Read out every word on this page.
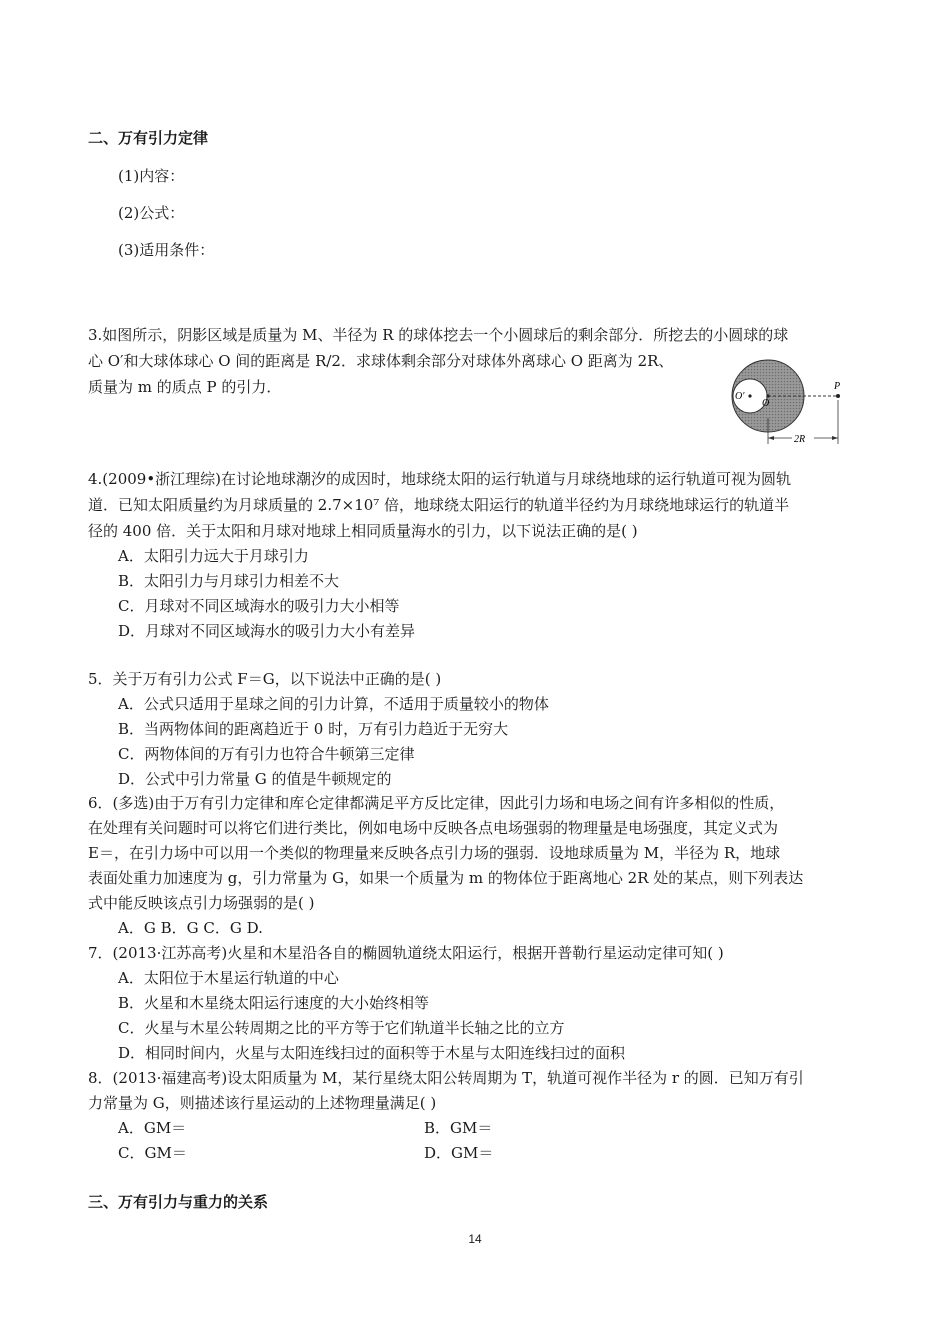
二、万有引力定律
(1)内容：
(2)公式：
(3)适用条件：
3.如图所示，阴影区域是质量为 M、半径为 R 的球体挖去一个小圆球后的剩余部分．所挖去的小圆球的球
心 O′和大球体球心 O 间的距离是 R/2．求球体剩余部分对球体外离球心 O 距离为 2R、
质量为 m 的质点 P 的引力．
O′
O
P
2R
4.(2009•浙江理综)在讨论地球潮汐的成因时，地球绕太阳的运行轨道与月球绕地球的运行轨道可视为圆轨
道．已知太阳质量约为月球质量的 2.7×10⁷ 倍，地球绕太阳运行的轨道半径约为月球绕地球运行的轨道半
径的 400 倍．关于太阳和月球对地球上相同质量海水的引力，以下说法正确的是( )
A．太阳引力远大于月球引力
B．太阳引力与月球引力相差不大
C．月球对不同区域海水的吸引力大小相等
D．月球对不同区域海水的吸引力大小有差异
5．关于万有引力公式 F＝G，以下说法中正确的是( )
A．公式只适用于星球之间的引力计算，不适用于质量较小的物体
B．当两物体间的距离趋近于 0 时，万有引力趋近于无穷大
C．两物体间的万有引力也符合牛顿第三定律
D．公式中引力常量 G 的值是牛顿规定的
6．(多选)由于万有引力定律和库仑定律都满足平方反比定律，因此引力场和电场之间有许多相似的性质，
在处理有关问题时可以将它们进行类比，例如电场中反映各点电场强弱的物理量是电场强度，其定义式为
E＝，在引力场中可以用一个类似的物理量来反映各点引力场的强弱．设地球质量为 M，半径为 R，地球
表面处重力加速度为 g，引力常量为 G，如果一个质量为 m 的物体位于距离地心 2R 处的某点，则下列表达
式中能反映该点引力场强弱的是( )
A．G B．G C．G D.
7．(2013·江苏高考)火星和木星沿各自的椭圆轨道绕太阳运行，根据开普勒行星运动定律可知( )
A．太阳位于木星运行轨道的中心
B．火星和木星绕太阳运行速度的大小始终相等
C．火星与木星公转周期之比的平方等于它们轨道半长轴之比的立方
D．相同时间内，火星与太阳连线扫过的面积等于木星与太阳连线扫过的面积
8．(2013·福建高考)设太阳质量为 M，某行星绕太阳公转周期为 T，轨道可视作半径为 r 的圆．已知万有引
力常量为 G，则描述该行星运动的上述物理量满足( )
A．GM＝	B．GM＝
C．GM＝	D．GM＝
三、万有引力与重力的关系
14
